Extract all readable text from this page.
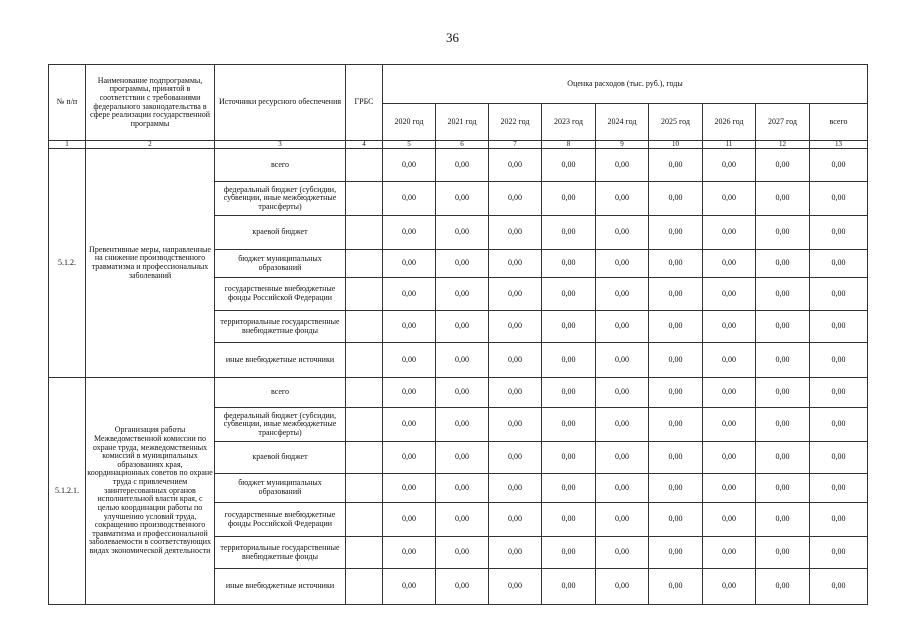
36
№ п/п	Наименование подпрограммы, программы, принятой в соответствии с требованиями федерального законодательства в сфере реализации государственной программы	Источники ресурсного обеспечения	ГРБС	Оценка расходов (тыс. руб.), годы								
				2020 год	2021 год	2022 год	2023 год	2024 год	2025 год	2026 год	2027 год	всего
1	2	3	4	5	6	7	8	9	10	11	12	13
5.1.2.	Превентивные меры, направленные на снижение производственного травматизма и профессиональных заболеваний	всего		0,00	0,00	0,00	0,00	0,00	0,00	0,00	0,00	0,00
		федеральный бюджет (субсидии, субвенции, иные межбюджетные трансферты)		0,00	0,00	0,00	0,00	0,00	0,00	0,00	0,00	0,00
		краевой бюджет		0,00	0,00	0,00	0,00	0,00	0,00	0,00	0,00	0,00
		бюджет муниципальных образований		0,00	0,00	0,00	0,00	0,00	0,00	0,00	0,00	0,00
		государственные внебюджетные фонды Российской Федерации		0,00	0,00	0,00	0,00	0,00	0,00	0,00	0,00	0,00
		территориальные государственные внебюджетные фонды		0,00	0,00	0,00	0,00	0,00	0,00	0,00	0,00	0,00
		иные внебюджетные источники		0,00	0,00	0,00	0,00	0,00	0,00	0,00	0,00	0,00
5.1.2.1.	Организация работы Межведомственной комиссии по охране труда, межведомственных комиссий в муниципальных образованиях края, координационных советов по охране труда с привлечением заинтересованных органов исполнительной власти края, с целью координации работы по улучшению условий труда, сокращению производственного травматизма и профессиональной заболеваемости в соответствующих видах экономической деятельности	всего		0,00	0,00	0,00	0,00	0,00	0,00	0,00	0,00	0,00
		федеральный бюджет (субсидии, субвенции, иные межбюджетные трансферты)		0,00	0,00	0,00	0,00	0,00	0,00	0,00	0,00	0,00
		краевой бюджет		0,00	0,00	0,00	0,00	0,00	0,00	0,00	0,00	0,00
		бюджет муниципальных образований		0,00	0,00	0,00	0,00	0,00	0,00	0,00	0,00	0,00
		государственные внебюджетные фонды Российской Федерации		0,00	0,00	0,00	0,00	0,00	0,00	0,00	0,00	0,00
		территориальные государственные внебюджетные фонды		0,00	0,00	0,00	0,00	0,00	0,00	0,00	0,00	0,00
		иные внебюджетные источники		0,00	0,00	0,00	0,00	0,00	0,00	0,00	0,00	0,00
